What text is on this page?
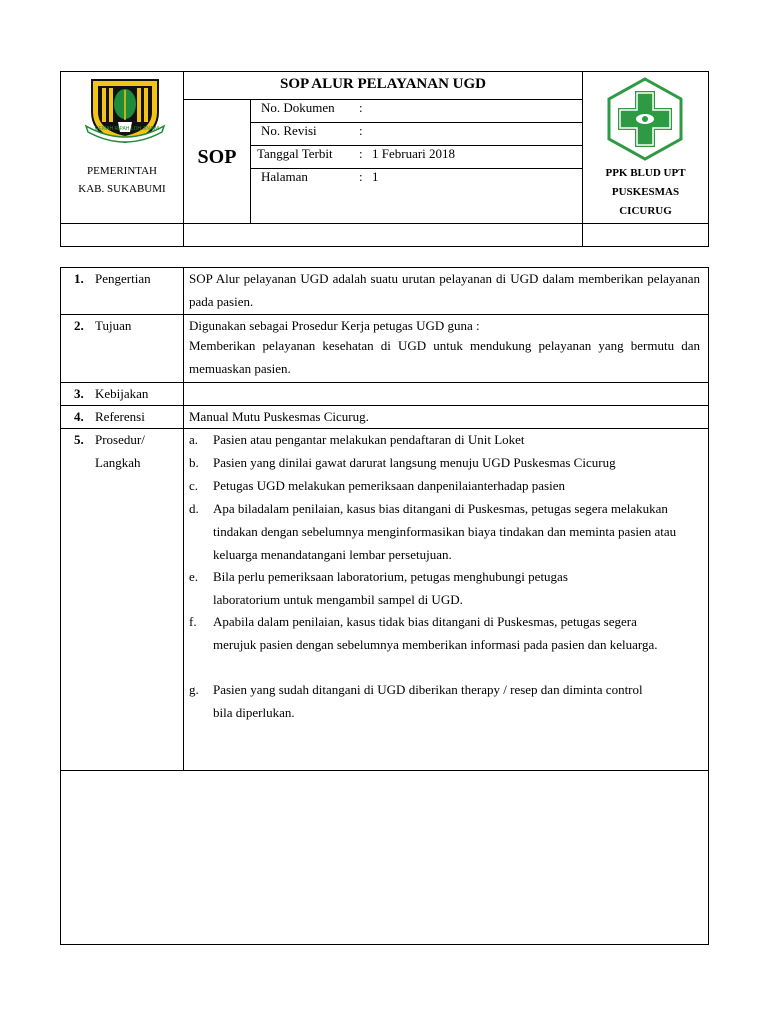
GEMAH RIPAH LOH JINAWI
PEMERINTAH
KAB. SUKABUMI
SOP ALUR PELAYANAN UGD
SOP
No. Dokumen :
No. Revisi	:
Tanggal Terbit : 1 Februari 2018
Halaman	: 1	PPK BLUD UPT
PUSKESMAS
CICURUG
1. Pengertian	SOP Alur pelayanan UGD adalah suatu urutan pelayanan di UGD dalam memberikan pelayanan pada pasien.
2. Tujuan	Digunakan sebagai Prosedur Kerja petugas UGD guna :
Memberikan pelayanan kesehatan di UGD untuk mendukung pelayanan yang bermutu dan memuaskan pasien.
3. Kebijakan
4. Referensi	Manual Mutu Puskesmas Cicurug.
5. Prosedur/
Langkah
a. Pasien atau pengantar melakukan pendaftaran di Unit Loket
b. Pasien yang dinilai gawat darurat langsung menuju UGD Puskesmas Cicurug
c. Petugas UGD melakukan pemeriksaan danpenilaianterhadap pasien
d. Apa biladalam penilaian, kasus bias ditangani di Puskesmas, petugas segera melakukan tindakan dengan sebelumnya menginformasikan biaya tindakan dan meminta pasien atau keluarga menandatangani lembar persetujuan.
e. Bila perlu pemeriksaan laboratorium, petugas menghubungi petugas laboratorium untuk mengambil sampel di UGD.
f. Apabila dalam penilaian, kasus tidak bias ditangani di Puskesmas, petugas segera merujuk pasien dengan sebelumnya memberikan informasi pada pasien dan keluarga.
g. Pasien yang sudah ditangani di UGD diberikan therapy / resep dan diminta control bila diperlukan.
